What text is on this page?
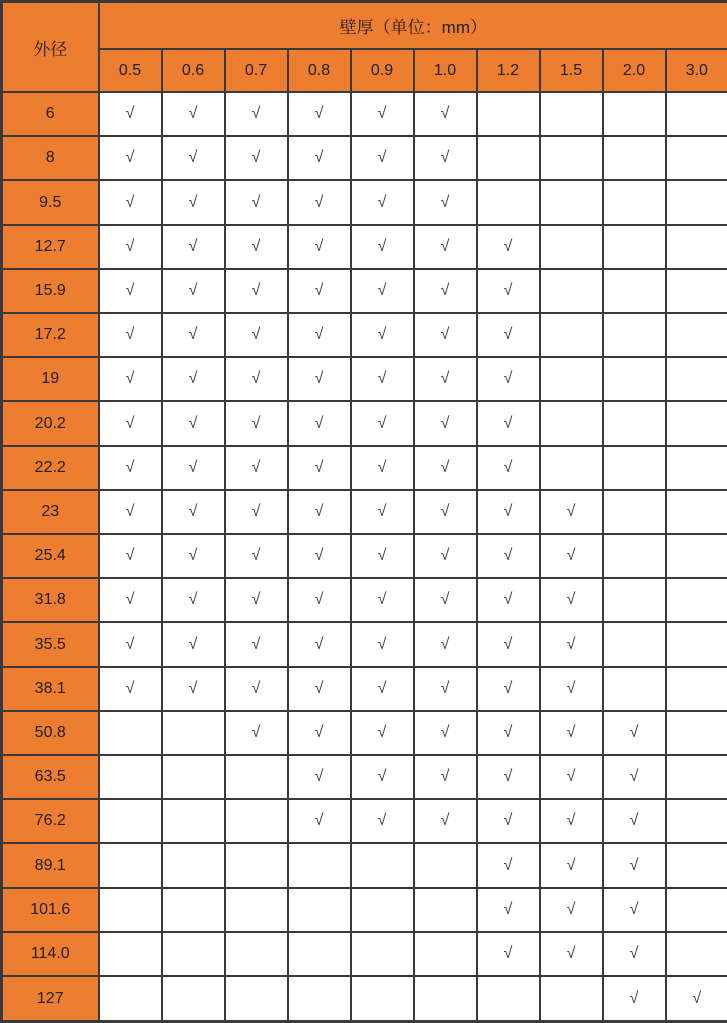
外径	壁厚（单位：mm）									
	0.5	0.6	0.7	0.8	0.9	1.0	1.2	1.5	2.0	3.0
6	√	√	√	√	√	√				
8	√	√	√	√	√	√				
9.5	√	√	√	√	√	√				
12.7	√	√	√	√	√	√	√			
15.9	√	√	√	√	√	√	√			
17.2	√	√	√	√	√	√	√			
19	√	√	√	√	√	√	√			
20.2	√	√	√	√	√	√	√			
22.2	√	√	√	√	√	√	√			
23	√	√	√	√	√	√	√	√		
25.4	√	√	√	√	√	√	√	√		
31.8	√	√	√	√	√	√	√	√		
35.5	√	√	√	√	√	√	√	√		
38.1	√	√	√	√	√	√	√	√		
50.8			√	√	√	√	√	√	√	
63.5				√	√	√	√	√	√	
76.2				√	√	√	√	√	√	
89.1							√	√	√	
101.6							√	√	√	
114.0							√	√	√	
127									√	√
